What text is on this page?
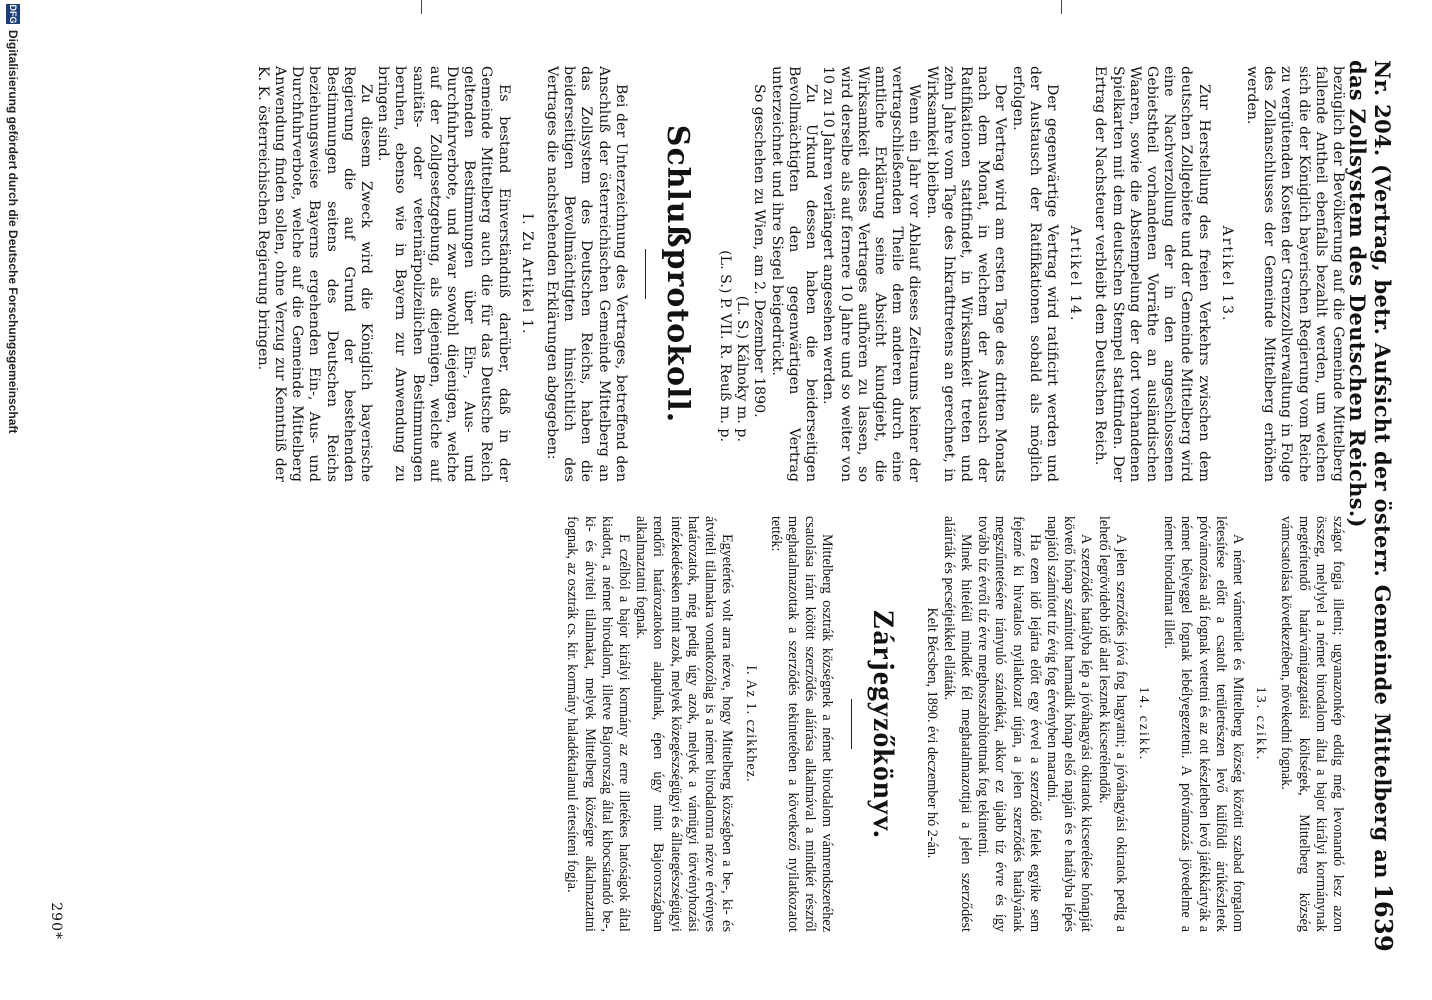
Nr. 204. (Vertrag, betr. Aufsicht der österr. Gemeinde Mittelberg an das Zollsystem des Deutschen Reichs.)
1639

bezüglich der Bevölkerung auf die Gemeinde Mittelberg fallende Antheil ebenfalls bezahlt werden, um welchen sich die der Königlich bayerischen Regierung vom Reiche zu vergütenden Kosten der Grenzzollverwaltung in Folge des Zollanschlusses der Gemeinde Mittelberg erhöhen werden.

Artikel 13.

Zur Herstellung des freien Verkehrs zwischen dem deutschen Zollgebiete und der Gemeinde Mittelberg wird eine Nachverzollung der in den angeschlossenen Gebietstheil vorhandenen Vorräthe an ausländischen Waaren, sowie die Abstempelung der dort vorhandenen Spielkarten mit dem deutschen Stempel stattfinden. Der Ertrag der Nachsteuer verbleibt dem Deutschen Reich.

Artikel 14.

Der gegenwärtige Vertrag wird ratificirt werden und der Austausch der Ratifikationen sobald als möglich erfolgen.

Der Vertrag wird am ersten Tage des dritten Monats nach dem Monat, in welchem der Austausch der Ratifikationen stattfindet, in Wirksamkeit treten und zehn Jahre vom Tage des Inkrafttretens an gerechnet, in Wirksamkeit bleiben.

Wenn ein Jahr vor Ablauf dieses Zeitraums keiner der vertragschließenden Theile dem anderen durch eine amtliche Erklärung seine Absicht kundgiebt, die Wirksamkeit dieses Vertrages aufhören zu lassen, so wird derselbe als auf fernere 10 Jahre und so weiter von 10 zu 10 Jahren verlängert angesehen werden.

Zu Urkund dessen haben die beiderseitigen Bevollmächtigten den gegenwärtigen Vertrag unterzeichnet und ihre Siegel beigedrückt.

So geschehen zu Wien, am 2. Dezember 1890.

(L. S.) Kálnoky m. p.

(L. S.) P. VII. R. Reuß m. p.

Schlußprotokoll.

Bei der Unterzeichnung des Vertrages, betreffend den Anschluß der österreichischen Gemeinde Mittelberg an das Zollsystem des Deutschen Reichs, haben die beiderseitigen Bevollmächtigten hinsichtlich des Vertrages die nachstehenden Erklärungen abgegeben:

I. Zu Artikel 1.

Es bestand Einverständniß darüber, daß in der Gemeinde Mittelberg auch die für das Deutsche Reich geltenden Bestimmungen über Ein-, Aus- und Durchfuhrverbote, und zwar sowohl diejenigen, welche auf der Zollgesetzgebung, als diejenigen, welche auf sanitäts- oder veterinärpolizeilichen Bestimmungen beruhen, ebenso wie in Bayern zur Anwendung zu bringen sind.

Zu diesem Zweck wird die Königlich bayerische Regierung die auf Grund der bestehenden Bestimmungen seitens des Deutschen Reichs beziehungsweise Bayerns ergehenden Ein-, Aus- und Durchfuhrverbote, welche auf die Gemeinde Mittelberg Anwendung finden sollen, ohne Verzug zur Kenntniß der K. K. österreichischen Regierung bringen.

szágot fogja illetni; ugyanazonkép eddig még levonandó lesz azon összeg, melylyel a német birodalom által a bajor királyi kormánynak megtérítendő határvámigazgatási költségek, Mittelberg község vámcsatolása következtében, növekedni fognak.

13. czikk.

A német vámterület és Mittelberg község közötti szabad forgalom létesítése előtt a csatolt területrészen levő külföldi árúkészletek pótvámozása alá fognak vettetni és az ott készletben levő játékkártyák a német bélyeggel fognak lebélyegeztetni. A pótvámozás jövedelme a német birodalmat illeti.

14. czikk.

A jelen szerződés jóvá fog hagyatni; a jóváhagyási okiratok pedig a lehető legrövidebb idő alatt lesznek kicserélendők.

A szerződés hatályba lép a jóváhagyási okiratok kicserélése hónapját követő hónap számított harmadik hónap első napján és e hatályba lépés napjától számított tíz évig fog érvényben maradni.

Ha ezen idő lejárta előtt egy évvel a szerződő felek egyike sem fejezné ki hivatalos nyilatkozat útján, a jelen szerződés hatályának megszűntetésére irányuló szándékát, akkor ez újabb tíz évre és így tovább tíz évről tíz évre meghosszabbítottnak fog tekintetni.

Minek hiteléül mindkét fél meghatalmazottjai a jelen szerződést aláírták és pecsétjeikkel ellátták.

Kelt Bécsben, 1890. évi deczember hó 2-án.

Zárjegyzőkönyv.

Mittelberg osztrák községnek a német birodalom vámrendszeréhez csatolása iránt kötött szerződés aláírása alkalmával a mindkét részről meghatalmazottak a szerződés tekintetében a következő nyilatkozatot tették:

I. Az 1. czikkhez.

Egyetértés volt arra nézve, hogy Mittelberg községben a be-, ki- és átviteli tilalmakra vonatkozólag is a német birodalomra nézve érvényes határozatok, még pedig úgy azok, melyek a vámügyi törvényhozási intézkedéseken mint azok, melyek közegészségügyi és állategészségügyi rendőri határozatokon alapulnak, épen úgy mint Bajorországban alkalmaztatni fognak.

E czélból a bajor királyi kormány az erre illetékes hatóságok által kiadott, a német birodalom, illetve Bajorország által kibocsátandó be-, ki- és átviteli tilalmakat, melyek Mittelberg községre alkalmaztatni fognak, az osztrák cs. kir. kormány haladéktalanul értesíteni fogja.

290*
DFG
Digitalisierung gefördert durch die Deutsche Forschungsgemeinschaft
